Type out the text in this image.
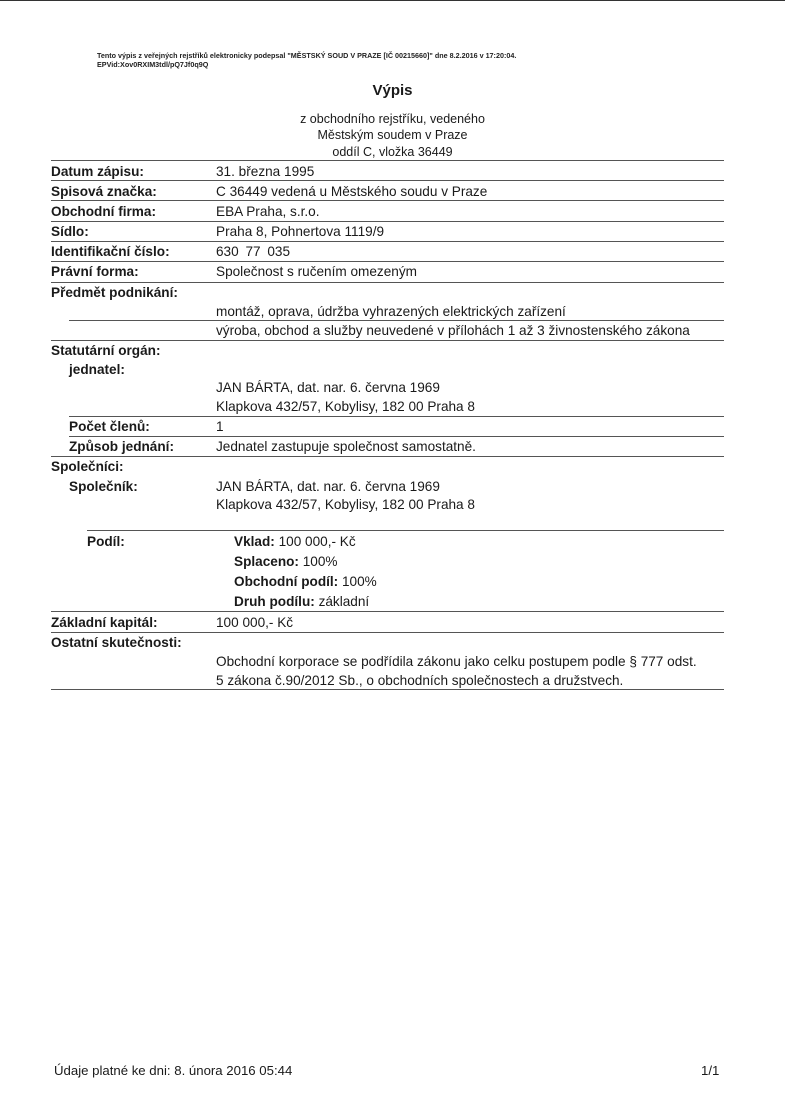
Tento výpis z veřejných rejstříků elektronicky podepsal "MĚSTSKÝ SOUD V PRAZE [IČ 00215660]" dne 8.2.2016 v 17:20:04.
EPVid:Xov0RXIM3tdl/pQ7Jf0q9Q
Výpis
z obchodního rejstříku, vedeného
Městským soudem v Praze
oddíl C, vložka 36449
Datum zápisu:	31. března 1995
Spisová značka:	C 36449 vedená u Městského soudu v Praze
Obchodní firma:	EBA Praha, s.r.o.
Sídlo:	Praha 8, Pohnertova 1119/9
Identifikační číslo:	630 77 035
Právní forma:	Společnost s ručením omezeným
Předmět podnikání:
montáž, oprava, údržba vyhrazených elektrických zařízení
výroba, obchod a služby neuvedené v přílohách 1 až 3 živnostenského zákona
Statutární orgán:
jednatel:
JAN BÁRTA, dat. nar. 6. června 1969
Klapkova 432/57, Kobylisy, 182 00 Praha 8
Počet členů:	1
Způsob jednání:	Jednatel zastupuje společnost samostatně.
Společníci:
Společník:	JAN BÁRTA, dat. nar. 6. června 1969
Klapkova 432/57, Kobylisy, 182 00 Praha 8
Podíl:	Vklad: 100 000,- Kč
Splaceno: 100%
Obchodní podíl: 100%
Druh podílu: základní
Základní kapitál:	100 000,- Kč
Ostatní skutečnosti:
Obchodní korporace se podřídila zákonu jako celku postupem podle § 777 odst.
5 zákona č.90/2012 Sb., o obchodních společnostech a družstvech.
Údaje platné ke dni: 8. února 2016 05:44	1/1
